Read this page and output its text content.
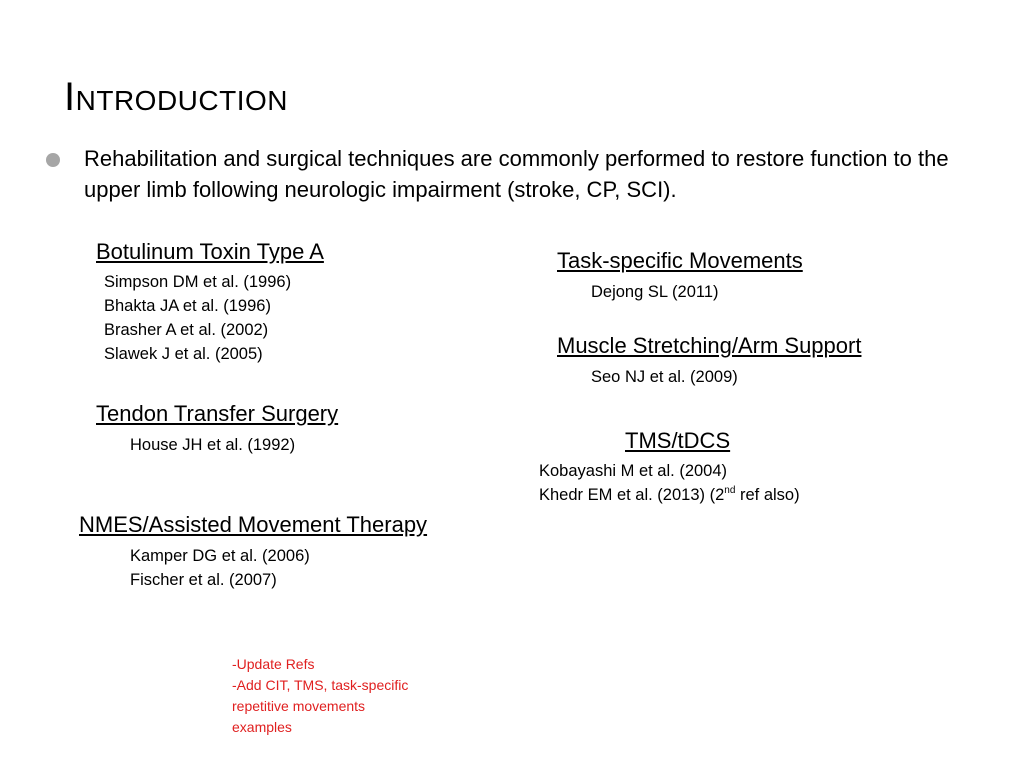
Introduction
Rehabilitation and surgical techniques are commonly performed to restore function to the upper limb following neurologic impairment (stroke, CP, SCI).
Botulinum Toxin Type A
Simpson DM et al. (1996)
Bhakta JA et al. (1996)
Brasher A et al. (2002)
Slawek J et al. (2005)
Tendon Transfer Surgery
House JH et al. (1992)
NMES/Assisted Movement Therapy
Kamper DG et al. (2006)
Fischer et al. (2007)
Task-specific Movements
Dejong SL (2011)
Muscle Stretching/Arm Support
Seo NJ et al. (2009)
TMS/tDCS
Kobayashi M et al. (2004)
Khedr EM et al. (2013) (2nd ref also)
-Update Refs
-Add CIT, TMS, task-specific
repetitive movements
examples
